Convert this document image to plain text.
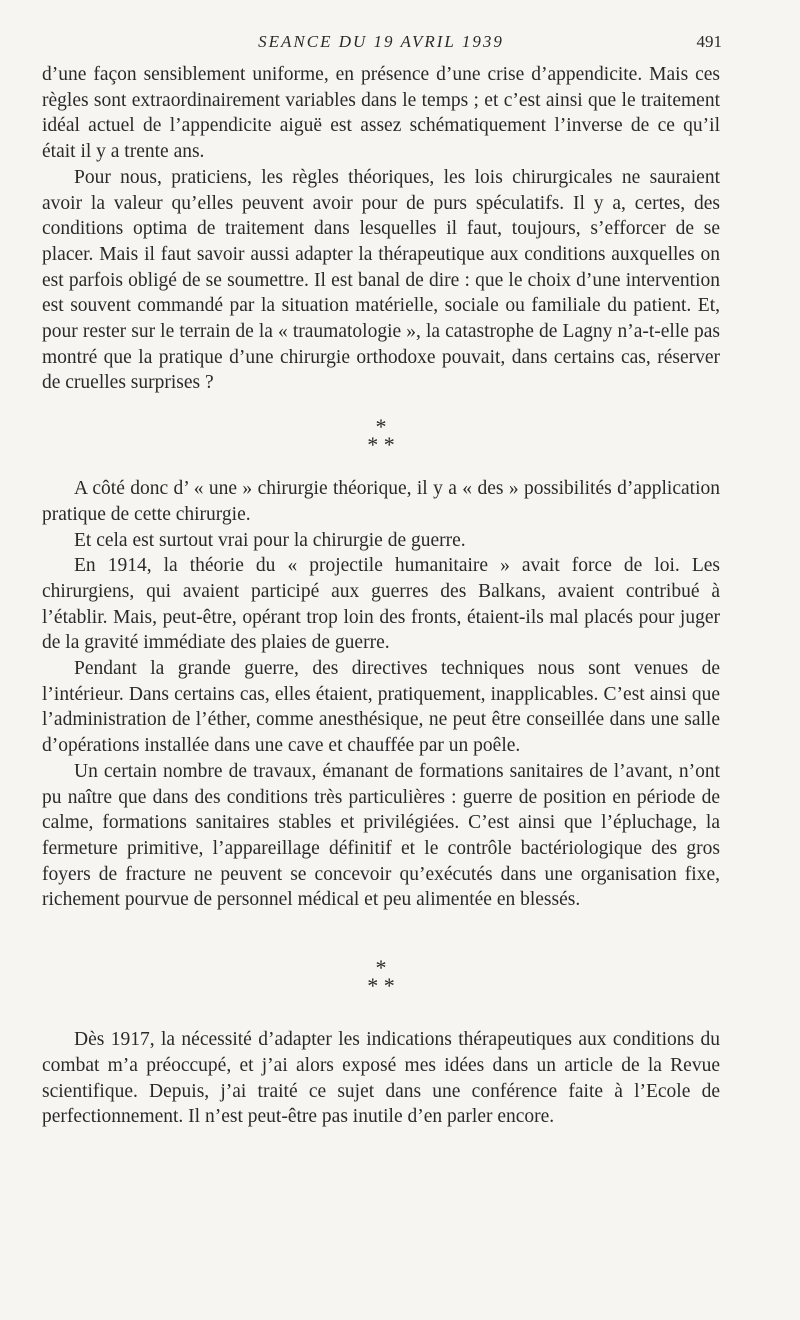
SEANCE DU 19 AVRIL 1939	491

d’une façon sensiblement uniforme, en présence d’une crise d’appendicite. Mais ces règles sont extraordinairement variables dans le temps ; et c’est ainsi que le traitement idéal actuel de l’appendicite aiguë est assez schématiquement l’inverse de ce qu’il était il y a trente ans.

Pour nous, praticiens, les règles théoriques, les lois chirurgicales ne sauraient avoir la valeur qu’elles peuvent avoir pour de purs spéculatifs. Il y a, certes, des conditions optima de traitement dans lesquelles il faut, toujours, s’efforcer de se placer. Mais il faut savoir aussi adapter la thérapeutique aux conditions auxquelles on est parfois obligé de se soumettre. Il est banal de dire : que le choix d’une intervention est souvent commandé par la situation matérielle, sociale ou familiale du patient. Et, pour rester sur le terrain de la « traumatologie », la catastrophe de Lagny n’a-t-elle pas montré que la pratique d’une chirurgie orthodoxe pouvait, dans certains cas, réserver de cruelles surprises ?

*
* *

A côté donc d’ « une » chirurgie théorique, il y a « des » possibilités d’application pratique de cette chirurgie.

Et cela est surtout vrai pour la chirurgie de guerre.

En 1914, la théorie du « projectile humanitaire » avait force de loi. Les chirurgiens, qui avaient participé aux guerres des Balkans, avaient contribué à l’établir. Mais, peut-être, opérant trop loin des fronts, étaient-ils mal placés pour juger de la gravité immédiate des plaies de guerre.

Pendant la grande guerre, des directives techniques nous sont venues de l’intérieur. Dans certains cas, elles étaient, pratiquement, inapplicables. C’est ainsi que l’administration de l’éther, comme anesthésique, ne peut être conseillée dans une salle d’opérations installée dans une cave et chauffée par un poêle.

Un certain nombre de travaux, émanant de formations sanitaires de l’avant, n’ont pu naître que dans des conditions très particulières : guerre de position en période de calme, formations sanitaires stables et privilégiées. C’est ainsi que l’épluchage, la fermeture primitive, l’appareillage définitif et le contrôle bactériologique des gros foyers de fracture ne peuvent se concevoir qu’exécutés dans une organisation fixe, richement pourvue de personnel médical et peu alimentée en blessés.

*
* *

Dès 1917, la nécessité d’adapter les indications thérapeutiques aux conditions du combat m’a préoccupé, et j’ai alors exposé mes idées dans un article de la Revue scientifique. Depuis, j’ai traité ce sujet dans une conférence faite à l’Ecole de perfectionnement. Il n’est peut-être pas inutile d’en parler encore.
